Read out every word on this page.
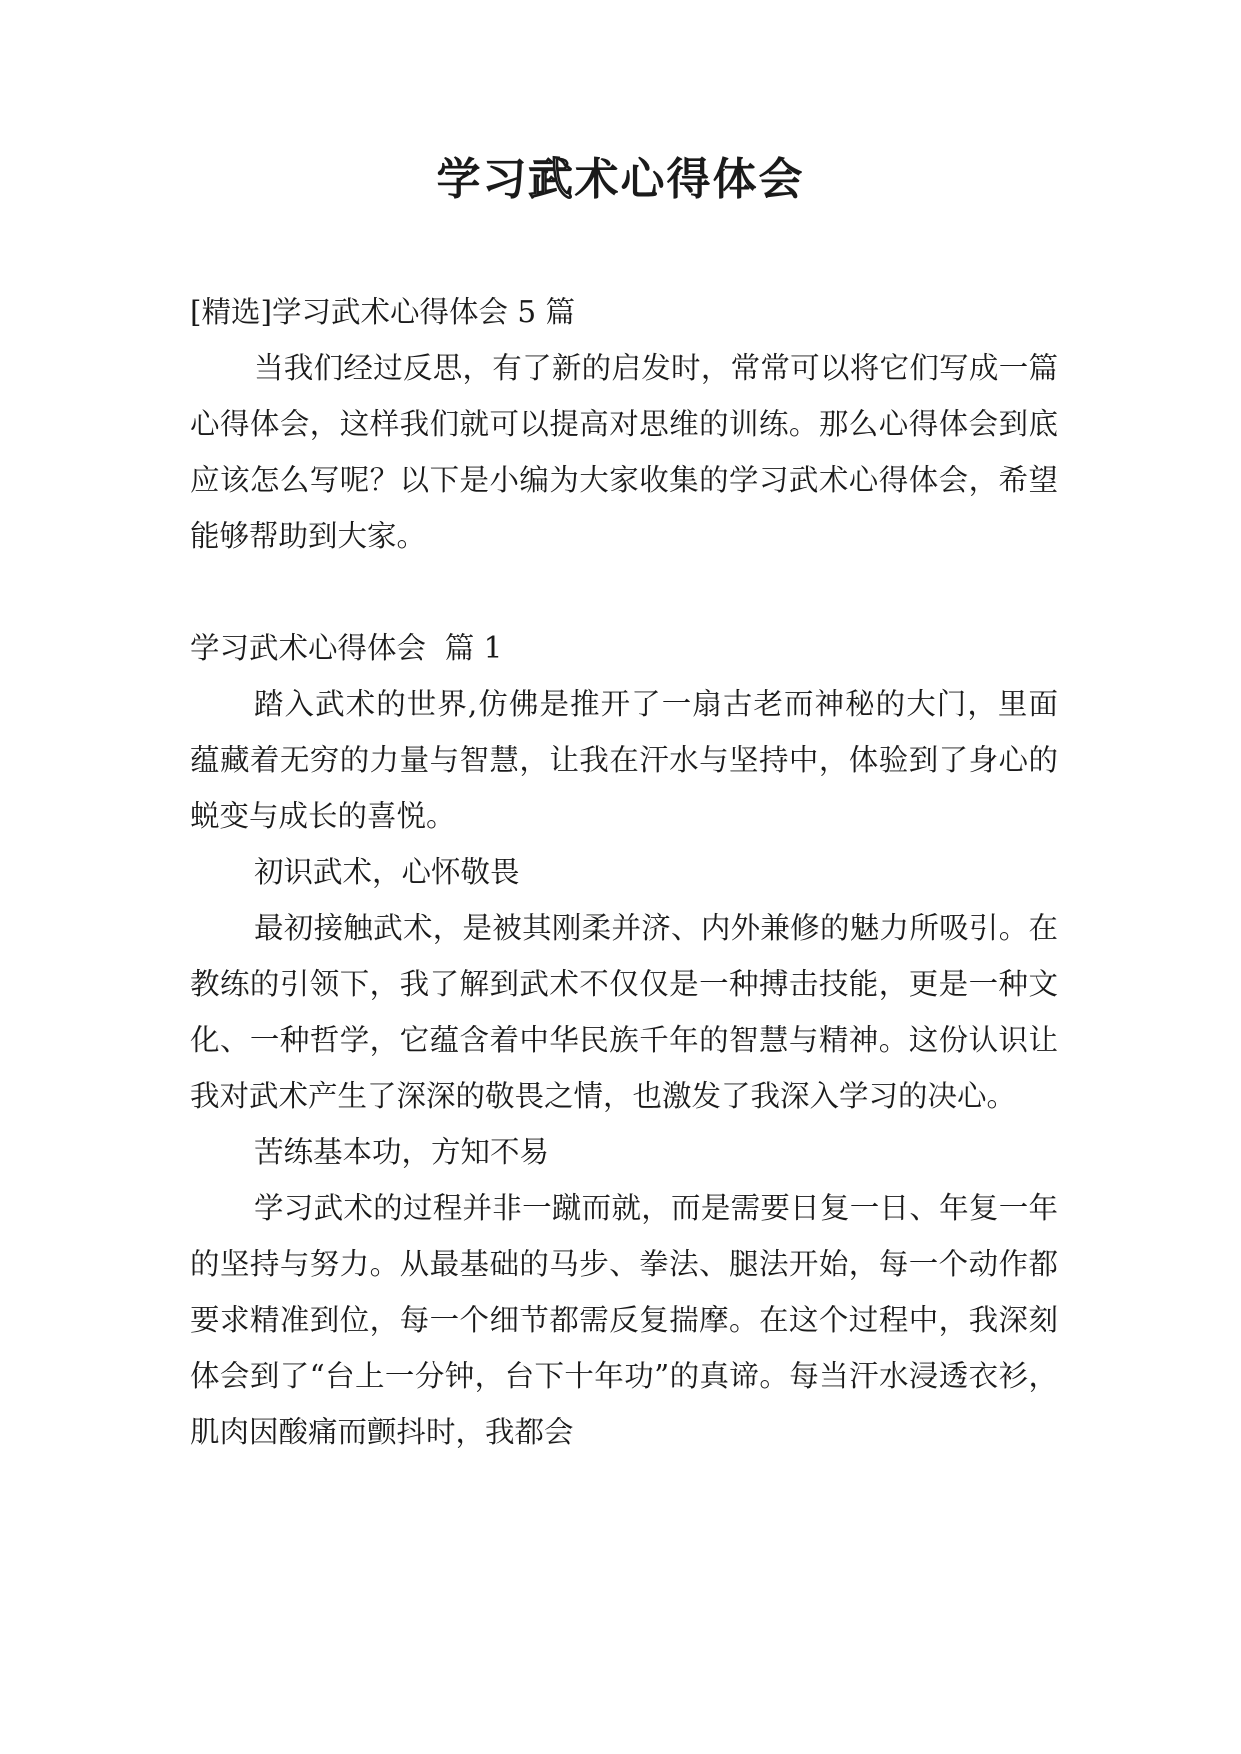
学习武术心得体会

[精选]学习武术心得体会 5 篇

当我们经过反思，有了新的启发时，常常可以将它们写成一篇心得体会，这样我们就可以提高对思维的训练。那么心得体会到底应该怎么写呢？以下是小编为大家收集的学习武术心得体会，希望能够帮助到大家。

学习武术心得体会  篇 1

踏入武术的世界,仿佛是推开了一扇古老而神秘的大门，里面蕴藏着无穷的力量与智慧，让我在汗水与坚持中，体验到了身心的蜕变与成长的喜悦。

初识武术，心怀敬畏

最初接触武术，是被其刚柔并济、内外兼修的魅力所吸引。在教练的引领下，我了解到武术不仅仅是一种搏击技能，更是一种文化、一种哲学，它蕴含着中华民族千年的智慧与精神。这份认识让我对武术产生了深深的敬畏之情，也激发了我深入学习的决心。

苦练基本功，方知不易

学习武术的过程并非一蹴而就，而是需要日复一日、年复一年的坚持与努力。从最基础的马步、拳法、腿法开始，每一个动作都要求精准到位，每一个细节都需反复揣摩。在这个过程中，我深刻体会到了“台上一分钟，台下十年功”的真谛。每当汗水浸透衣衫，肌肉因酸痛而颤抖时，我都会
